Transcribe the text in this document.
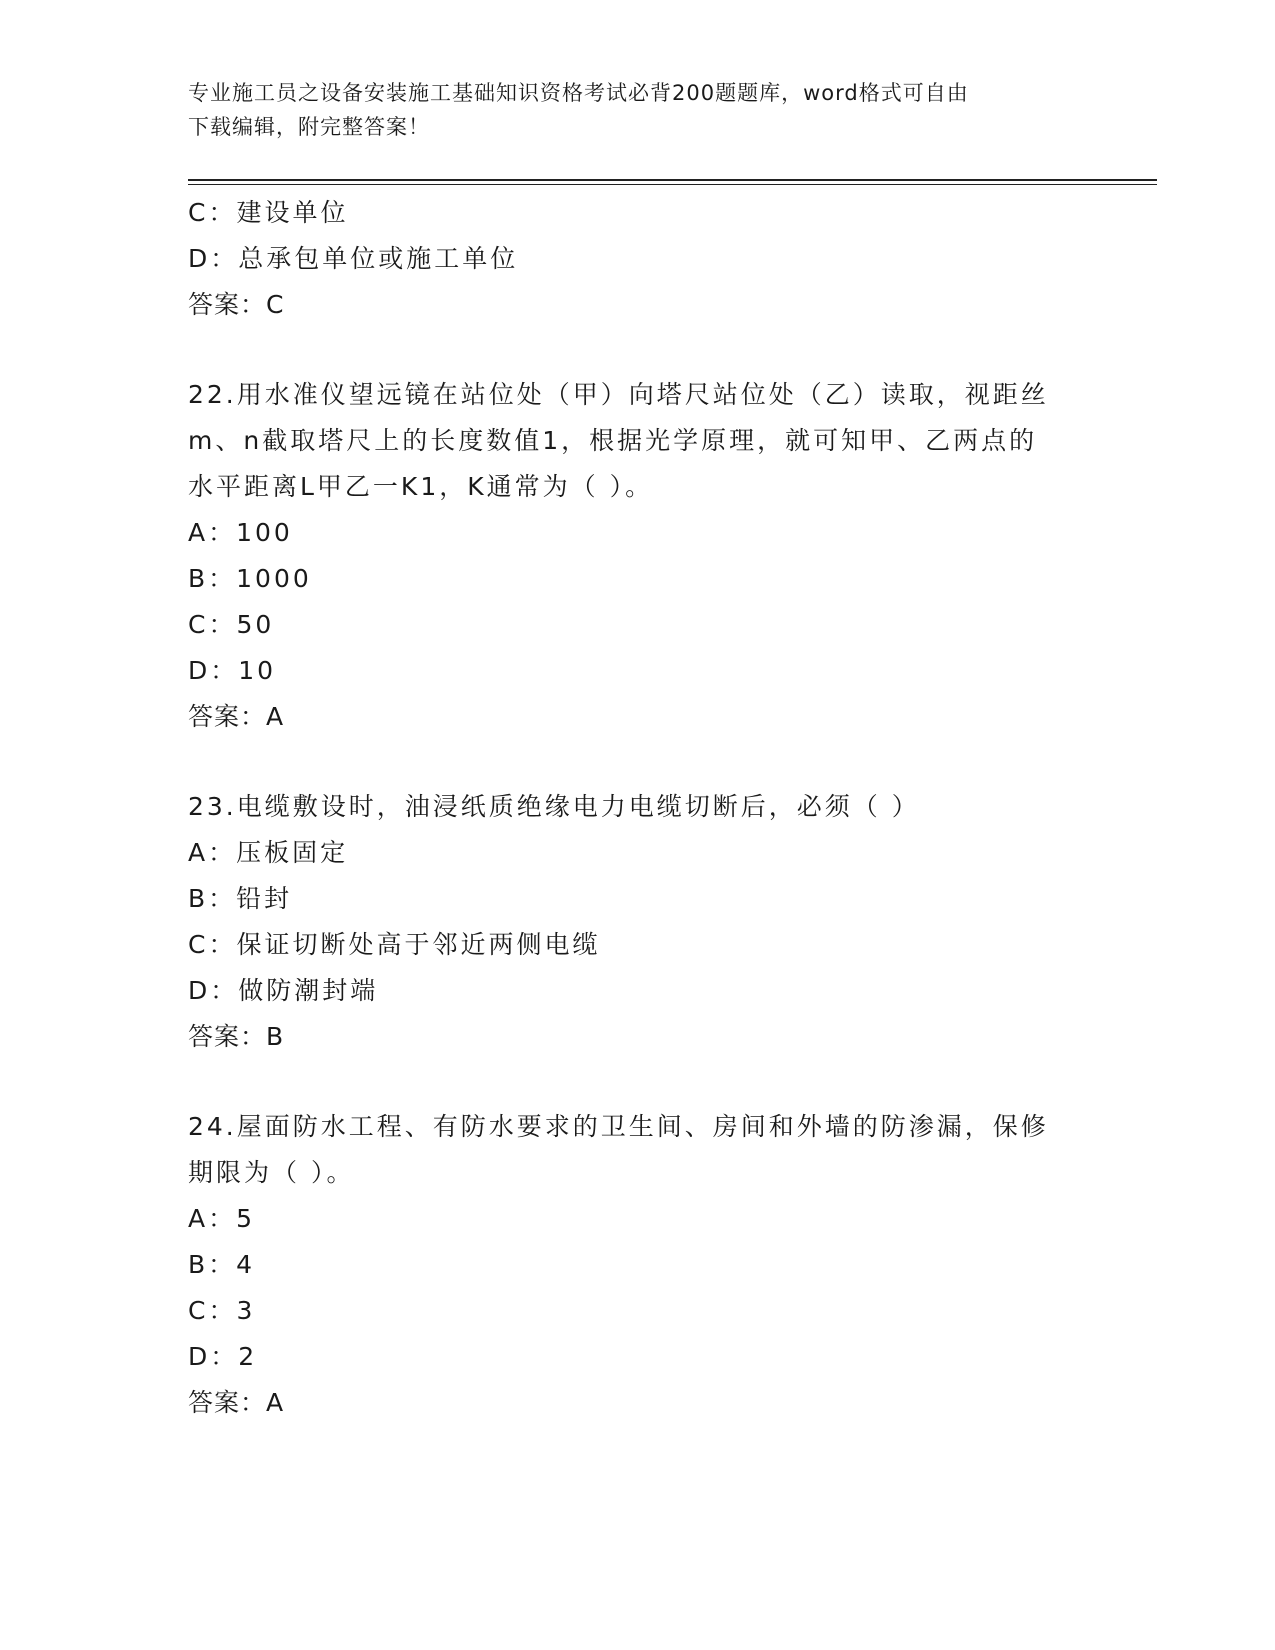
专业施工员之设备安装施工基础知识资格考试必背200题题库，word格式可自由
下载编辑，附完整答案！
C：建设单位
D：总承包单位或施工单位
答案：C
22.用水准仪望远镜在站位处（甲）向塔尺站位处（乙）读取，视距丝
m、n截取塔尺上的长度数值1，根据光学原理，就可知甲、乙两点的
水平距离L甲乙一K1，K通常为（ ）。
A：100
B：1000
C：50
D：10
答案：A
23.电缆敷设时，油浸纸质绝缘电力电缆切断后，必须（ ）
A：压板固定
B：铅封
C：保证切断处高于邻近两侧电缆
D：做防潮封端
答案：B
24.屋面防水工程、有防水要求的卫生间、房间和外墙的防渗漏，保修
期限为（ ）。
A：5
B：4
C：3
D：2
答案：A
